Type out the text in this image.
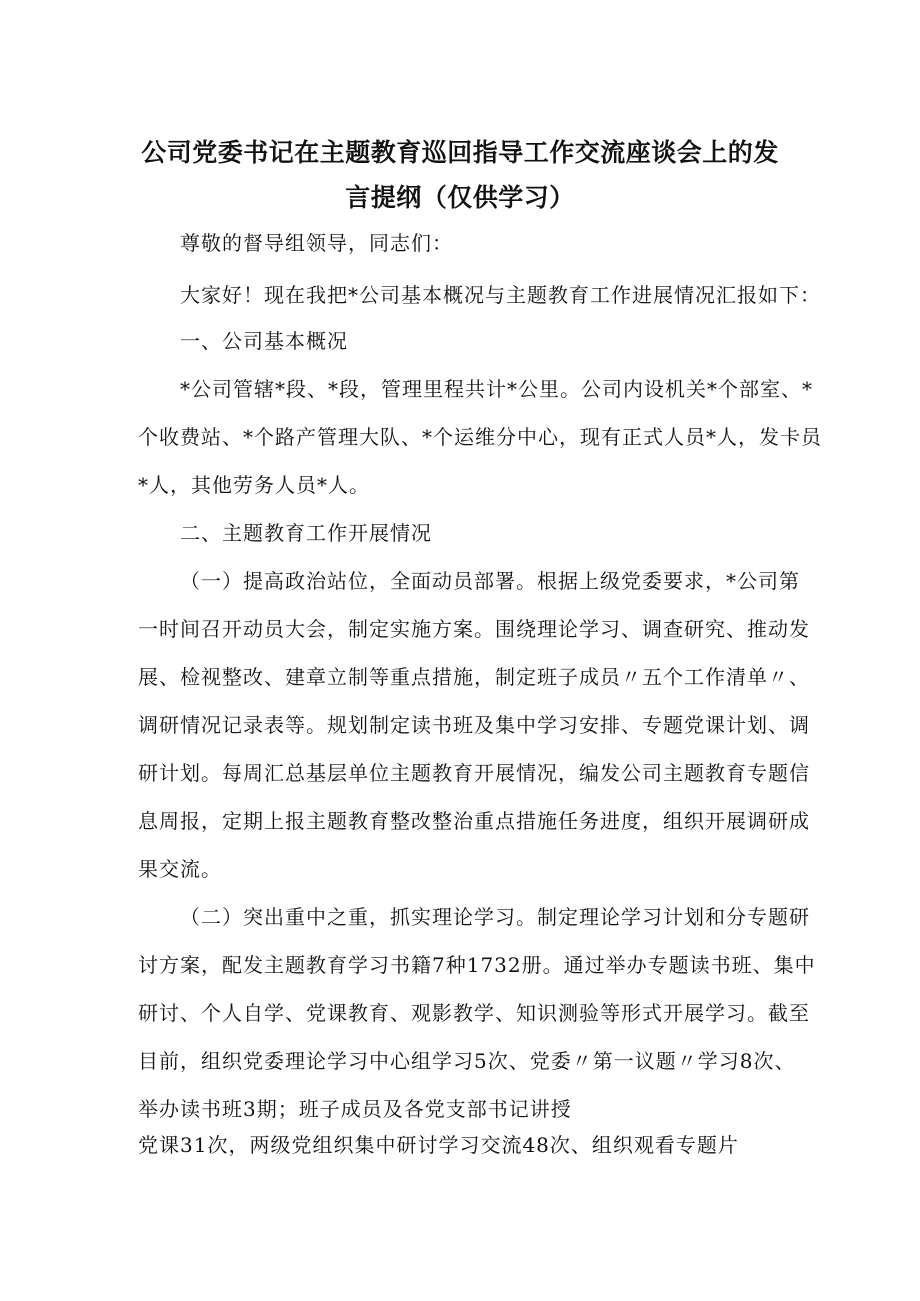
公司党委书记在主题教育巡回指导工作交流座谈会上的发
言提纲（仅供学习）

尊敬的督导组领导，同志们：

大家好！现在我把*公司基本概况与主题教育工作进展情况汇报如下：

一、公司基本概况

*公司管辖*段、*段，管理里程共计*公里。公司内设机关*个部室、*

个收费站、*个路产管理大队、*个运维分中心，现有正式人员*人，发卡员

*人，其他劳务人员*人。

二、主题教育工作开展情况

（一）提高政治站位，全面动员部署。根据上级党委要求，*公司第

一时间召开动员大会，制定实施方案。围绕理论学习、调查研究、推动发

展、检视整改、建章立制等重点措施，制定班子成员〃五个工作清单〃、

调研情况记录表等。规划制定读书班及集中学习安排、专题党课计划、调

研计划。每周汇总基层单位主题教育开展情况，编发公司主题教育专题信

息周报，定期上报主题教育整改整治重点措施任务进度，组织开展调研成

果交流。

（二）突出重中之重，抓实理论学习。制定理论学习计划和分专题研

讨方案，配发主题教育学习书籍7种1732册。通过举办专题读书班、集中

研讨、个人自学、党课教育、观影教学、知识测验等形式开展学习。截至

目前，组织党委理论学习中心组学习5次、党委〃第一议题〃学习8次、

举办读书班3期；班子成员及各党支部书记讲授

党课31次，两级党组织集中研讨学习交流48次、组织观看专题片
